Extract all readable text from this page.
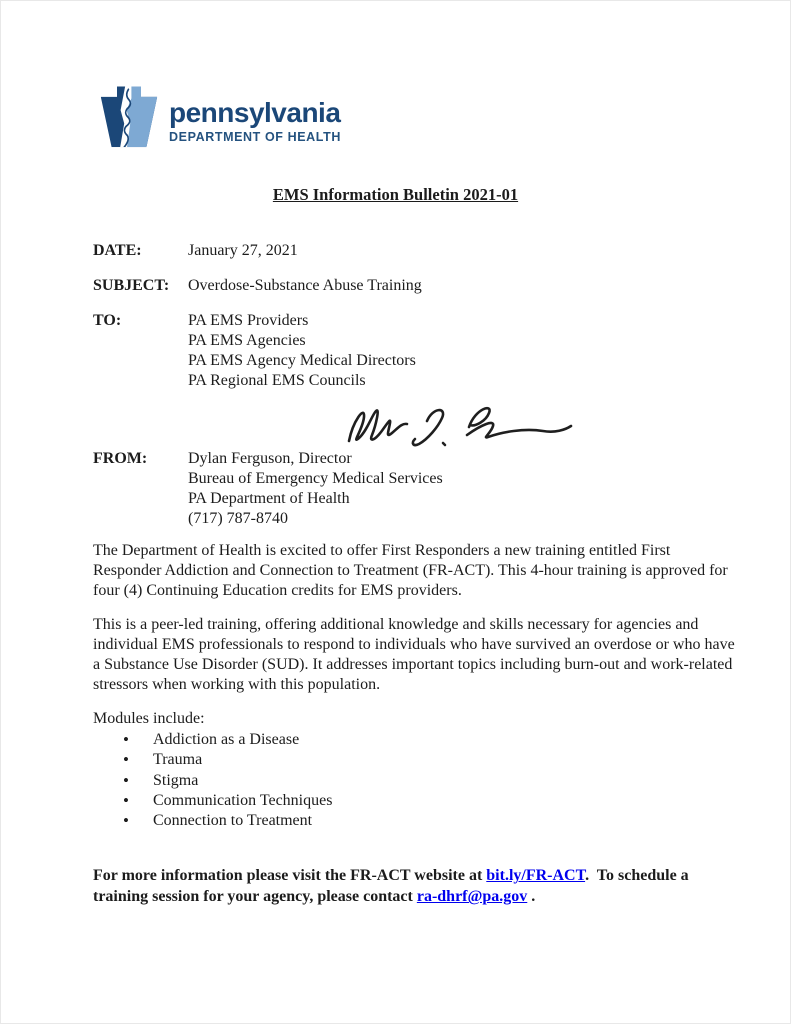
pennsylvania
DEPARTMENT OF HEALTH
EMS Information Bulletin 2021-01
DATE:	January 27, 2021
SUBJECT:	Overdose-Substance Abuse Training
TO:	PA EMS Providers
PA EMS Agencies
PA EMS Agency Medical Directors
PA Regional EMS Councils
FROM:	Dylan Ferguson, Director
Bureau of Emergency Medical Services
PA Department of Health
(717) 787-8740

The Department of Health is excited to offer First Responders a new training entitled First Responder Addiction and Connection to Treatment (FR-ACT). This 4-hour training is approved for four (4) Continuing Education credits for EMS providers.

This is a peer-led training, offering additional knowledge and skills necessary for agencies and individual EMS professionals to respond to individuals who have survived an overdose or who have a Substance Use Disorder (SUD). It addresses important topics including burn-out and work-related stressors when working with this population.

Modules include:

• Addiction as a Disease
• Trauma
• Stigma
• Communication Techniques
• Connection to Treatment

For more information please visit the FR-ACT website at bit.ly/FR-ACT.  To schedule a training session for your agency, please contact ra-dhrf@pa.gov .
